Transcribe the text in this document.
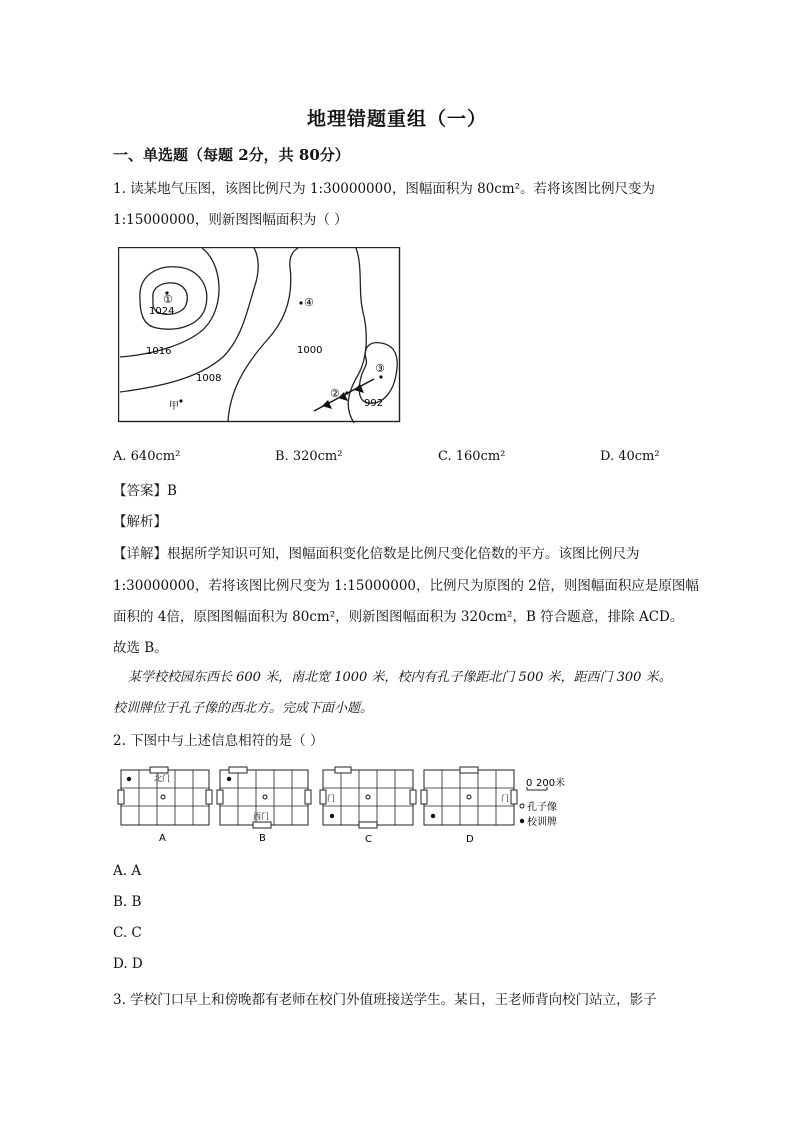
地理错题重组（一）
一、单选题（每题 2分，共 80分）
1. 读某地气压图，该图比例尺为 1:30000000，图幅面积为 80cm²。若将该图比例尺变为
1:15000000，则新图图幅面积为（ ）
①	④
②
③
1024
1016
1008
1000
992
甲
A. 640cm²	B. 320cm²	C. 160cm²	D. 40cm²
【答案】B
【解析】
【详解】根据所学知识可知，图幅面积变化倍数是比例尺变化倍数的平方。该图比例尺为
1:30000000，若将该图比例尺变为 1:15000000，比例尺为原图的 2倍，则图幅面积应是原图幅
面积的 4倍，原图图幅面积为 80cm²，则新图图幅面积为 320cm²，B 符合题意，排除 ACD。
故选 B。
某学校校园东西长 600 米，南北宽 1000 米，校内有孔子像距北门 500 米，距西门 300 米。
校训牌位于孔子像的西北方。完成下面小题。
2. 下图中与上述信息相符的是（ ）
北门
A
西门
B
门
C
门
D
0 200米
孔子像
校训牌
A. A
B. B
C. C
D. D
3. 学校门口早上和傍晚都有老师在校门外值班接送学生。某日，王老师背向校门站立，影子
